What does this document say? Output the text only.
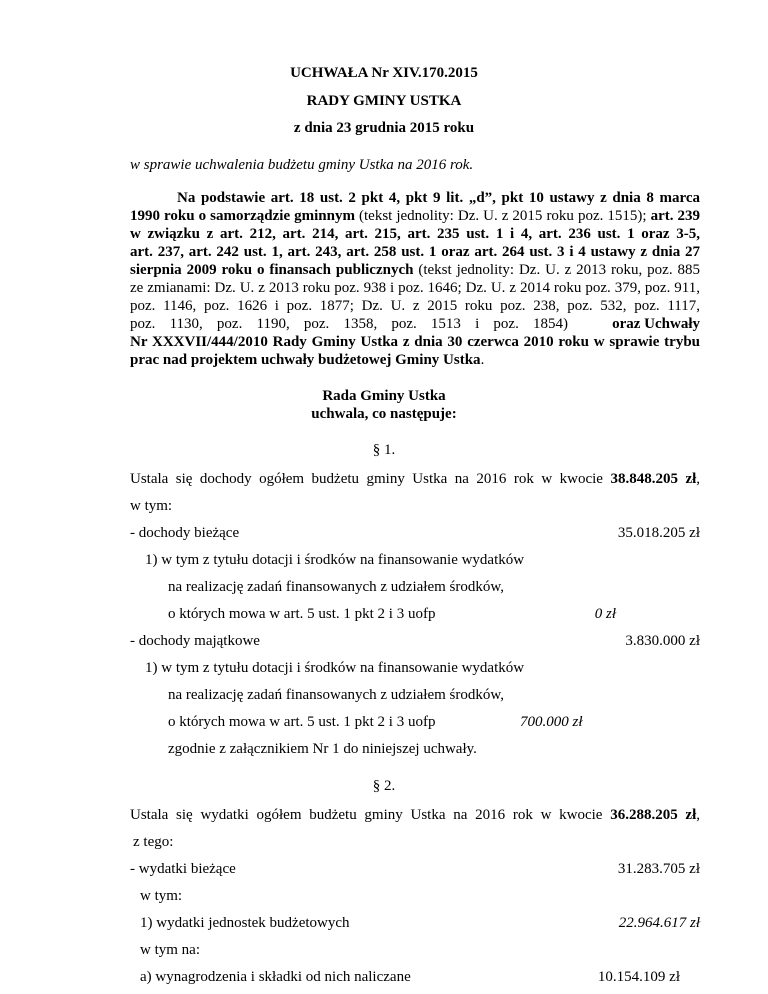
UCHWAŁA Nr XIV.170.2015
RADY GMINY USTKA
z dnia 23 grudnia 2015 roku
w sprawie uchwalenia budżetu gminy Ustka na 2016 rok.
Na podstawie art. 18 ust. 2 pkt 4, pkt 9 lit. „d”, pkt 10 ustawy z dnia 8 marca
1990 roku o samorządzie gminnym (tekst jednolity: Dz. U. z 2015 roku poz. 1515); art. 239
w związku z art. 212, art. 214, art. 215, art. 235 ust. 1 i 4, art. 236 ust. 1 oraz 3-5,
art. 237, art. 242 ust. 1, art. 243, art. 258 ust. 1 oraz art. 264 ust. 3 i 4 ustawy z dnia 27
sierpnia 2009 roku o finansach publicznych (tekst jednolity: Dz. U. z 2013 roku, poz. 885
ze zmianami: Dz. U. z 2013 roku poz. 938 i poz. 1646; Dz. U. z 2014 roku poz. 379, poz. 911,
poz. 1146, poz. 1626 i poz. 1877; Dz. U. z 2015 roku poz. 238, poz. 532, poz. 1117,
poz. 1130, poz. 1190, poz. 1358, poz. 1513 i poz. 1854)	oraz Uchwały
Nr XXXVII/444/2010 Rady Gminy Ustka z dnia 30 czerwca 2010 roku w sprawie trybu
prac nad projektem uchwały budżetowej Gminy Ustka.
Rada Gminy Ustka
uchwala, co następuje:
§ 1.
Ustala się dochody ogółem budżetu gminy Ustka na 2016 rok w kwocie 38.848.205 zł,
w tym:
- dochody bieżące	35.018.205 zł
1) w tym z tytułu dotacji i środków na finansowanie wydatków
na realizację zadań finansowanych z udziałem środków,
o których mowa w art. 5 ust. 1 pkt 2 i 3 uofp	0 zł
- dochody majątkowe	3.830.000 zł
1) w tym z tytułu dotacji i środków na finansowanie wydatków
na realizację zadań finansowanych z udziałem środków,
o których mowa w art. 5 ust. 1 pkt 2 i 3 uofp	700.000 zł
zgodnie z załącznikiem Nr 1 do niniejszej uchwały.
§ 2.
Ustala się wydatki ogółem budżetu gminy Ustka na 2016 rok w kwocie 36.288.205 zł,
z tego:
- wydatki bieżące	31.283.705 zł
w tym:
1) wydatki jednostek budżetowych	22.964.617 zł
w tym na:
a) wynagrodzenia i składki od nich naliczane	10.154.109 zł
